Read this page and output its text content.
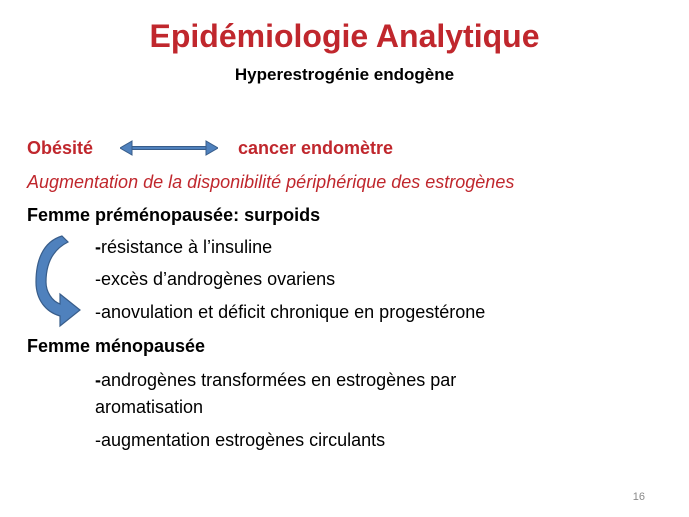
Epidémiologie Analytique
Hyperestrogénie endogène
Obésité	cancer endomètre
Augmentation de la disponibilité périphérique des estrogènes
Femme préménopausée: surpoids
-résistance à l’insuline
-excès d’androgènes ovariens
-anovulation et déficit chronique en progestérone
Femme ménopausée
-androgènes transformées en estrogènes par
aromatisation
-augmentation estrogènes circulants
16
